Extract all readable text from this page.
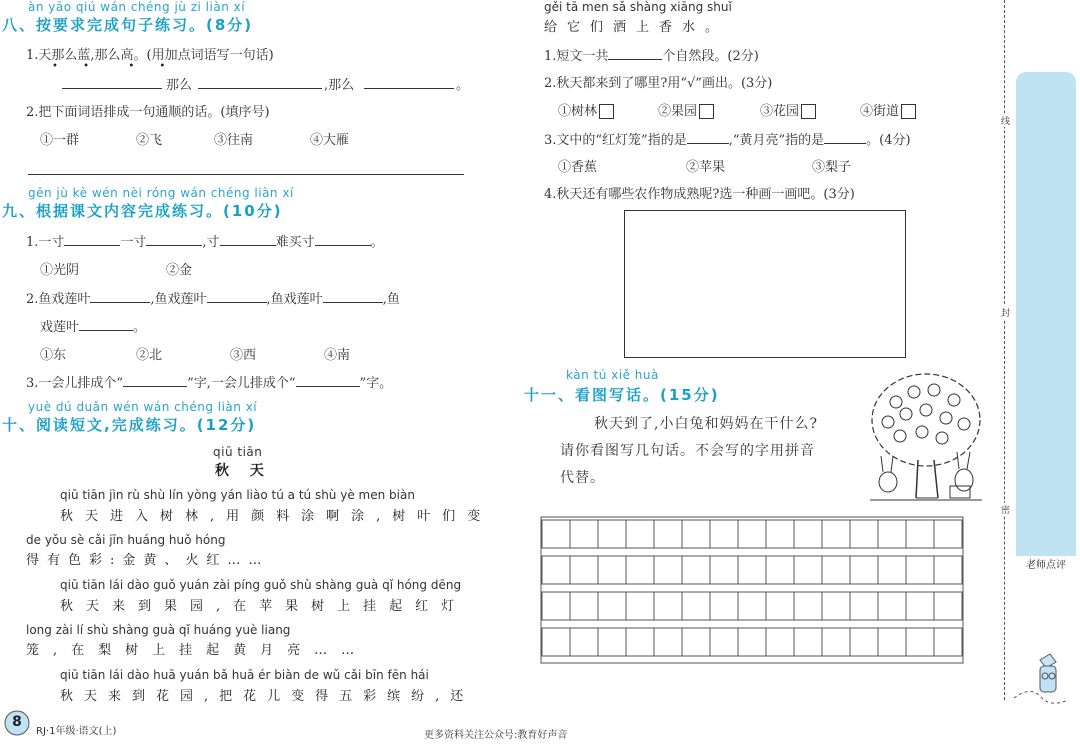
àn yāo qiú wán chéng jù zi liàn xí
八、按要求完成句子练习。(8分)
1.天那么蓝,那么高。(用加点词语写一句话)
• •  • •
那么	,那么	。
2.把下面词语排成一句通顺的话。(填序号)
①一群	②飞	③往南	④大雁
gēn jù kè wén nèi róng wán chéng liàn xí
九、根据课文内容完成练习。(10分)
1.一寸	一寸	,寸	难买寸	。
①光阴	②金
2.鱼戏莲叶	,鱼戏莲叶	,鱼戏莲叶	,鱼
戏莲叶	。
①东	②北	③西	④南
3.一会儿排成个“	”字,一会儿排成个“	”字。
yuè dú duǎn wén wán chéng liàn xí
十、阅读短文,完成练习。(12分)
qiū tiān
秋 天
qiū tiān jìn rù shù lín yòng yán liào tú a tú shù yè men biàn
秋天进入树林,用颜料涂啊涂,树叶们变
de yǒu sè cǎi jīn huáng huǒ hóng
得有色彩:金黄、火红……
qiū tiān lái dào guǒ yuán zài píng guǒ shù shàng guà qǐ hóng dēng
秋天来到果园,在苹果树上挂起红灯
long zài lí shù shàng guà qǐ huáng yuè liang
笼,在梨树上挂起黄月亮……
qiū tiān lái dào huā yuán bǎ huā ér biàn de wǔ cǎi bīn fēn hái
秋天来到花园,把花儿变得五彩缤纷,还
gěi tā men sǎ shàng xiāng shuǐ
给它们洒上香水。
1.短文一共	个自然段。(2分)
2.秋天都来到了哪里?用“√”画出。(3分)
①树林	②果园	③花园	④街道
3.文中的“红灯笼”指的是	,“黄月亮”指的是	。(4分)
①香蕉	②苹果	③梨子
4.秋天还有哪些农作物成熟呢?选一种画一画吧。(3分)
kàn tú xiě huà
十一、看图写话。(15分)
秋天到了,小白兔和妈妈在干什么?
请你看图写几句话。不会写的字用拼音
代替。
线
封
密
老师点评
8
RJ·1年级·语文(上)	更多资料关注公众号:教育好声音
